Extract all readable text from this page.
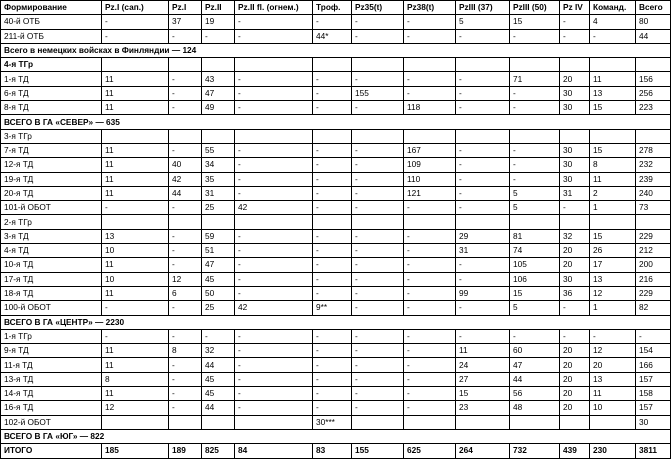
Формирование	Pz.I (сап.)	Pz.I	Pz.II	Pz.II fl. (огнем.)	Троф.	Pz35(t)	Pz38(t)	PzIII (37)	PzIII (50)	Pz IV	Команд.	Всего
40-й ОТБ	-	37	19	-	-	-	-	5	15	-	4	80
211-й ОТБ	-	-	-	-	44*	-	-	-	-	-	-	44
Всего в немецких войсках в Финляндии — 124												
4-я ТГр												
1-я ТД	11	-	43	-	-	-	-	-	71	20	11	156
6-я ТД	11	-	47	-	-	155	-	-	-	30	13	256
8-я ТД	11	-	49	-	-	-	118	-	-	30	15	223
ВСЕГО В ГА «СЕВЕР» — 635												
3-я ТГр												
7-я ТД	11	-	55	-	-	-	167	-	-	30	15	278
12-я ТД	11	40	34	-	-	-	109	-	-	30	8	232
19-я ТД	11	42	35	-	-	-	110	-	-	30	11	239
20-я ТД	11	44	31	-	-	-	121	-	5	31	2	240
101-й ОБОТ	-	-	25	42	-	-	-	-	5	-	1	73
2-я ТГр												
3-я ТД	13	-	59	-	-	-	-	29	81	32	15	229
4-я ТД	10	-	51	-	-	-	-	31	74	20	26	212
10-я ТД	11	-	47	-	-	-	-	-	105	20	17	200
17-я ТД	10	12	45	-	-	-	-	-	106	30	13	216
18-я ТД	11	6	50	-	-	-	-	99	15	36	12	229
100-й ОБОТ	-	-	25	42	9**	-	-	-	5	-	1	82
ВСЕГО В ГА «ЦЕНТР» — 2230												
1-я ТГр	-	-	-	-	-	-	-	-	-	-	-	-
9-я ТД	11	8	32	-	-	-	-	11	60	20	12	154
11-я ТД	11	-	44	-	-	-	-	24	47	20	20	166
13-я ТД	8	-	45	-	-	-	-	27	44	20	13	157
14-я ТД	11	-	45	-	-	-	-	15	56	20	11	158
16-я ТД	12	-	44	-	-	-	-	23	48	20	10	157
102-й ОБОТ					30***							30
ВСЕГО В ГА «ЮГ» — 822												
ИТОГО	185	189	825	84	83	155	625	264	732	439	230	3811
